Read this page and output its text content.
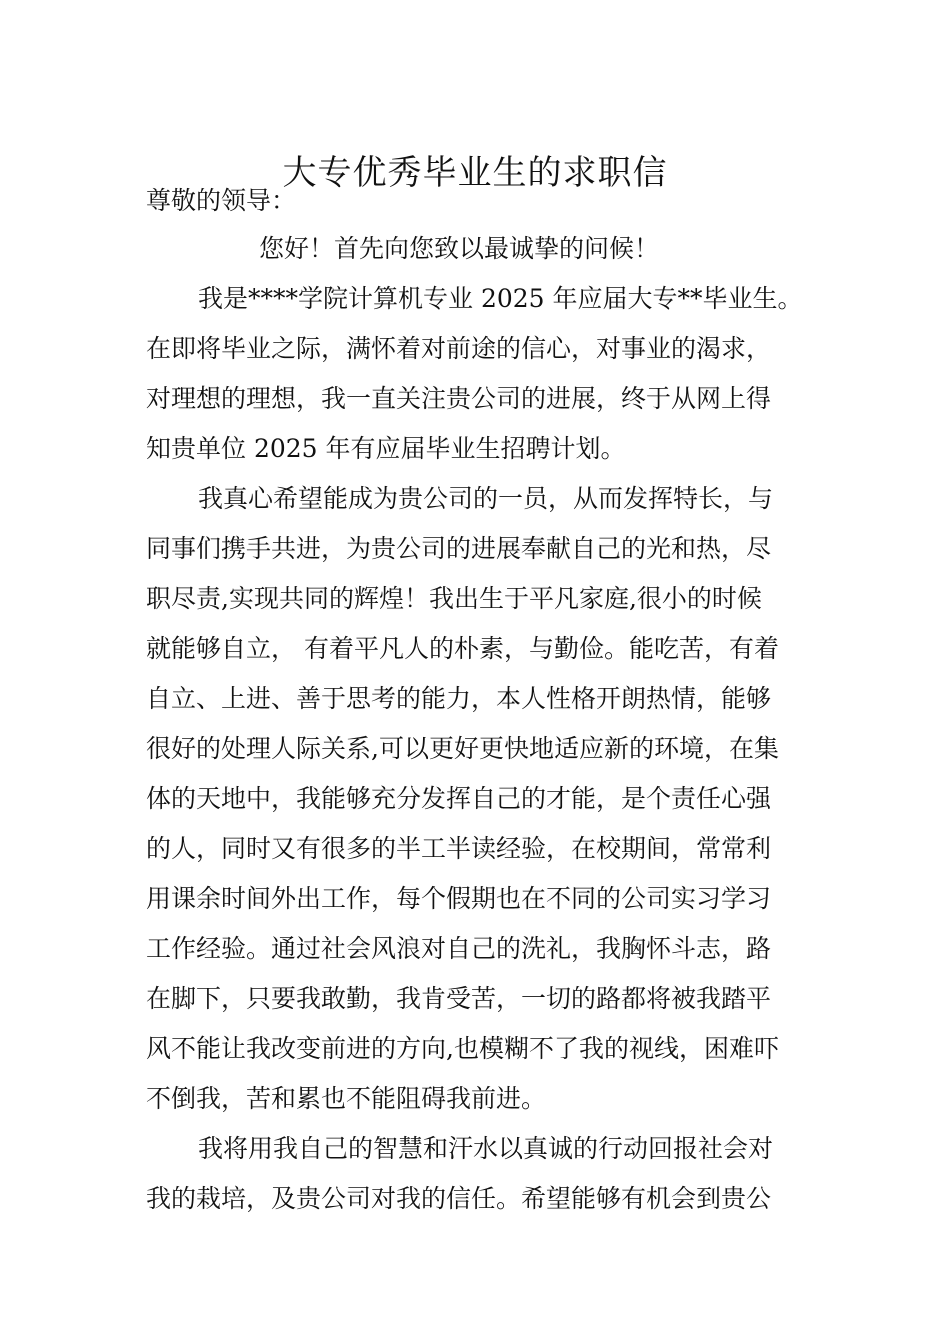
大专优秀毕业生的求职信
尊敬的领导：
您好！首先向您致以最诚挚的问候！
我是****学院计算机专业 2025 年应届大专**毕业生。
在即将毕业之际，满怀着对前途的信心，对事业的渴求，
对理想的理想，我一直关注贵公司的进展，终于从网上得
知贵单位 2025 年有应届毕业生招聘计划。
我真心希望能成为贵公司的一员，从而发挥特长，与
同事们携手共进，为贵公司的进展奉献自己的光和热，尽
职尽责,实现共同的辉煌！我出生于平凡家庭,很小的时候
就能够自立， 有着平凡人的朴素，与勤俭。能吃苦，有着
自立、上进、善于思考的能力，本人性格开朗热情，能够
很好的处理人际关系,可以更好更快地适应新的环境，在集
体的天地中，我能够充分发挥自己的才能，是个责任心强
的人，同时又有很多的半工半读经验，在校期间，常常利
用课余时间外出工作，每个假期也在不同的公司实习学习
工作经验。通过社会风浪对自己的洗礼，我胸怀斗志，路
在脚下，只要我敢勤，我肯受苦，一切的路都将被我踏平
风不能让我改变前进的方向,也模糊不了我的视线，困难吓
不倒我，苦和累也不能阻碍我前进。
我将用我自己的智慧和汗水以真诚的行动回报社会对
我的栽培，及贵公司对我的信任。希望能够有机会到贵公
